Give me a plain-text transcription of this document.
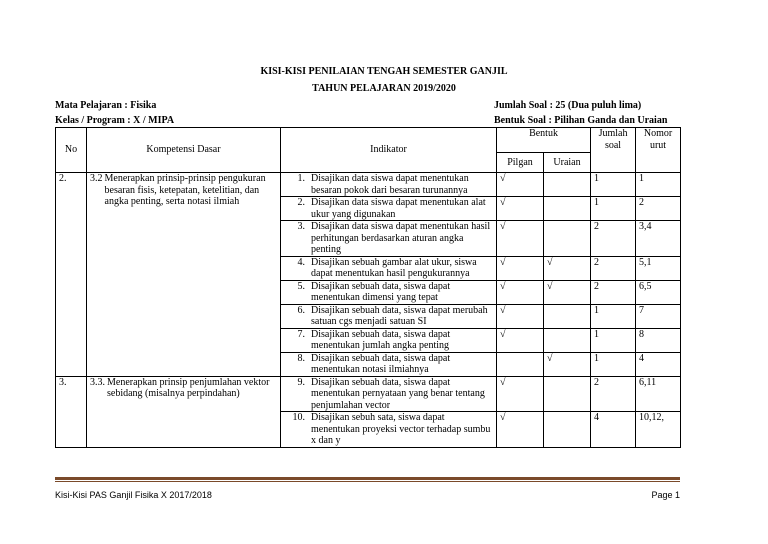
KISI-KISI PENILAIAN TENGAH SEMESTER GANJIL
TAHUN PELAJARAN 2019/2020
Mata Pelajaran : Fisika
Kelas / Program : X / MIPA
Jumlah Soal : 25 (Dua puluh lima)
Bentuk Soal : Pilihan Ganda dan Uraian
No	Kompetensi Dasar	Indikator	Bentuk		Jumlah soal	Nomor urut
			Pilgan	Uraian		
2.	3.2 Menerapkan prinsip-prinsip pengukuran besaran fisis, ketepatan, ketelitian, dan angka penting, serta notasi ilmiah	1. Disajikan data siswa dapat menentukan besaran pokok dari besaran turunannya	√		1	1

		2. Disajikan data siswa dapat menentukan alat ukur yang digunakan	√		1	2

		3. Disajikan data siswa dapat menentukan hasil perhitungan berdasarkan aturan angka penting	√		2	3,4

		4. Disajikan sebuah gambar alat ukur, siswa dapat menentukan hasil pengukurannya	√	√	2	5,1

		5. Disajikan sebuah data, siswa dapat menentukan dimensi yang tepat	√	√	2	6,5

		6. Disajikan sebuah data, siswa dapat merubah satuan cgs menjadi satuan SI	√		1	7

		7. Disajikan sebuah data, siswa dapat menentukan jumlah angka penting	√		1	8

		8. Disajikan sebuah data, siswa dapat menentukan notasi ilmiahnya		√	1	4
3.	3.3. Menerapkan prinsip penjumlahan vektor sebidang (misalnya perpindahan)	9. Disajikan sebuah data, siswa dapat menentukan pernyataan yang benar tentang penjumlahan vector	√		2	6,11

		10. Disajikan sebuh sata, siswa dapat menentukan proyeksi vector terhadap sumbu x dan y	√		4	10,12,
Kisi-Kisi PAS Ganjil Fisika X 2017/2018	Page 1
